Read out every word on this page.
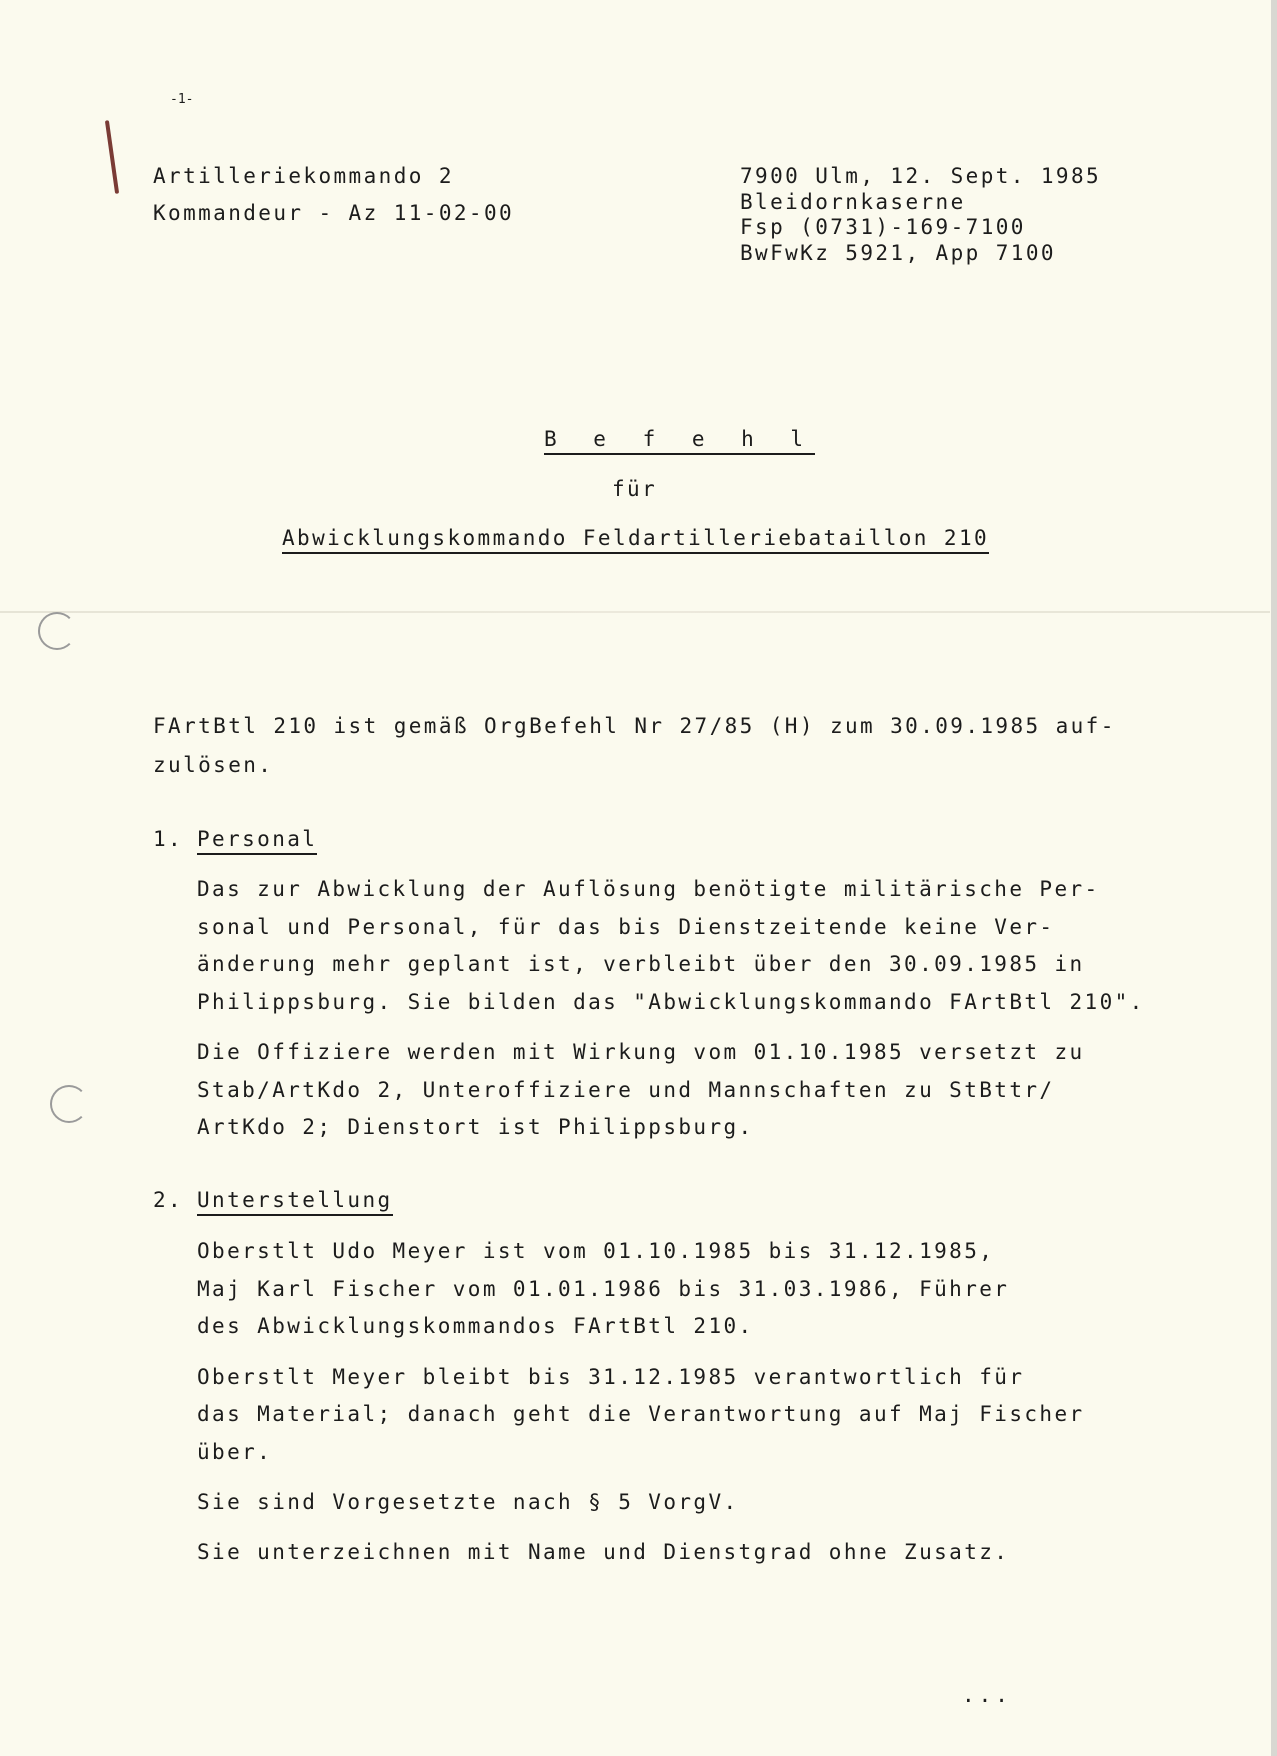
-1-
Artilleriekommando 2
Kommandeur - Az 11-02-00
7900 Ulm, 12. Sept. 1985
Bleidornkaserne
Fsp (0731)-169-7100
BwFwKz 5921, App 7100
B e f e h l
für
Abwicklungskommando Feldartilleriebataillon 210
FArtBtl 210 ist gemäß OrgBefehl Nr 27/85 (H) zum 30.09.1985 auf-
zulösen.
1. Personal
Das zur Abwicklung der Auflösung benötigte militärische Per-
sonal und Personal, für das bis Dienstzeitende keine Ver-
änderung mehr geplant ist, verbleibt über den 30.09.1985 in
Philippsburg. Sie bilden das "Abwicklungskommando FArtBtl 210".
Die Offiziere werden mit Wirkung vom 01.10.1985 versetzt zu
Stab/ArtKdo 2, Unteroffiziere und Mannschaften zu StBttr/
ArtKdo 2; Dienstort ist Philippsburg.
2. Unterstellung
Oberstlt Udo Meyer ist vom 01.10.1985 bis 31.12.1985,
Maj Karl Fischer vom 01.01.1986 bis 31.03.1986, Führer
des Abwicklungskommandos FArtBtl 210.
Oberstlt Meyer bleibt bis 31.12.1985 verantwortlich für
das Material; danach geht die Verantwortung auf Maj Fischer
über.
Sie sind Vorgesetzte nach § 5 VorgV.
Sie unterzeichnen mit Name und Dienstgrad ohne Zusatz.
...
